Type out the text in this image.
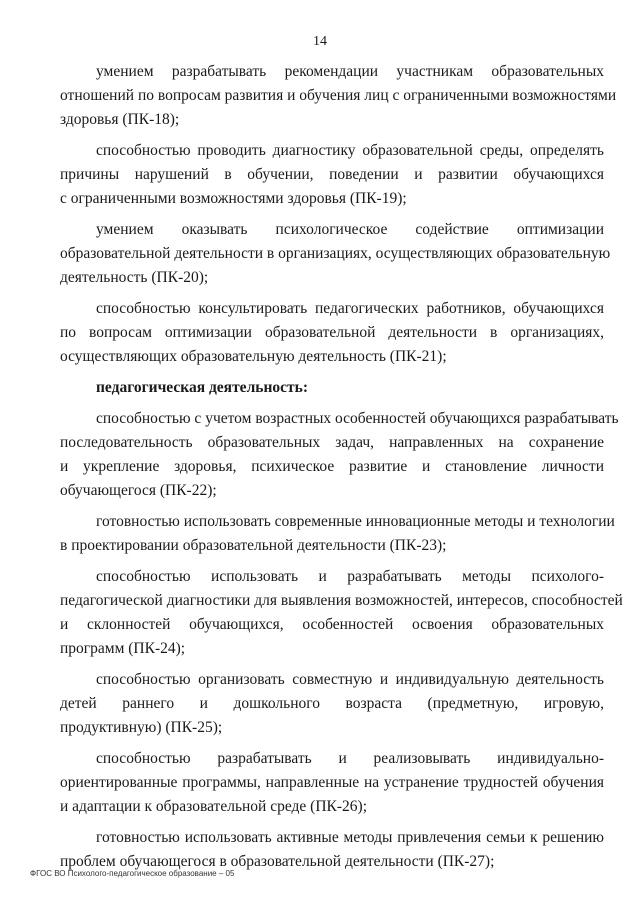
14
умением разрабатывать рекомендации участникам образовательных
отношений по вопросам развития и обучения лиц с ограниченными возможностями
здоровья (ПК-18);
способностью проводить диагностику образовательной среды, определять
причины нарушений в обучении, поведении и развитии обучающихся
с ограниченными возможностями здоровья (ПК-19);
умением оказывать психологическое содействие оптимизации
образовательной деятельности в организациях, осуществляющих образовательную
деятельность (ПК-20);
способностью консультировать педагогических работников, обучающихся
по вопросам оптимизации образовательной деятельности в организациях,
осуществляющих образовательную деятельность (ПК-21);
педагогическая деятельность:
способностью с учетом возрастных особенностей обучающихся разрабатывать
последовательность образовательных задач, направленных на сохранение
и укрепление здоровья, психическое развитие и становление личности
обучающегося (ПК-22);
готовностью использовать современные инновационные методы и технологии
в проектировании образовательной деятельности (ПК-23);
способностью использовать и разрабатывать методы психолого-
педагогической диагностики для выявления возможностей, интересов, способностей
и склонностей обучающихся, особенностей освоения образовательных
программ (ПК-24);
способностью организовать совместную и индивидуальную деятельность
детей раннего и дошкольного возраста (предметную, игровую,
продуктивную) (ПК-25);
способностью разрабатывать и реализовывать индивидуально-
ориентированные программы, направленные на устранение трудностей обучения
и адаптации к образовательной среде (ПК-26);
готовностью использовать активные методы привлечения семьи к решению
проблем обучающегося в образовательной деятельности (ПК-27);
ФГОС ВО Психолого-педагогическое образование – 05
